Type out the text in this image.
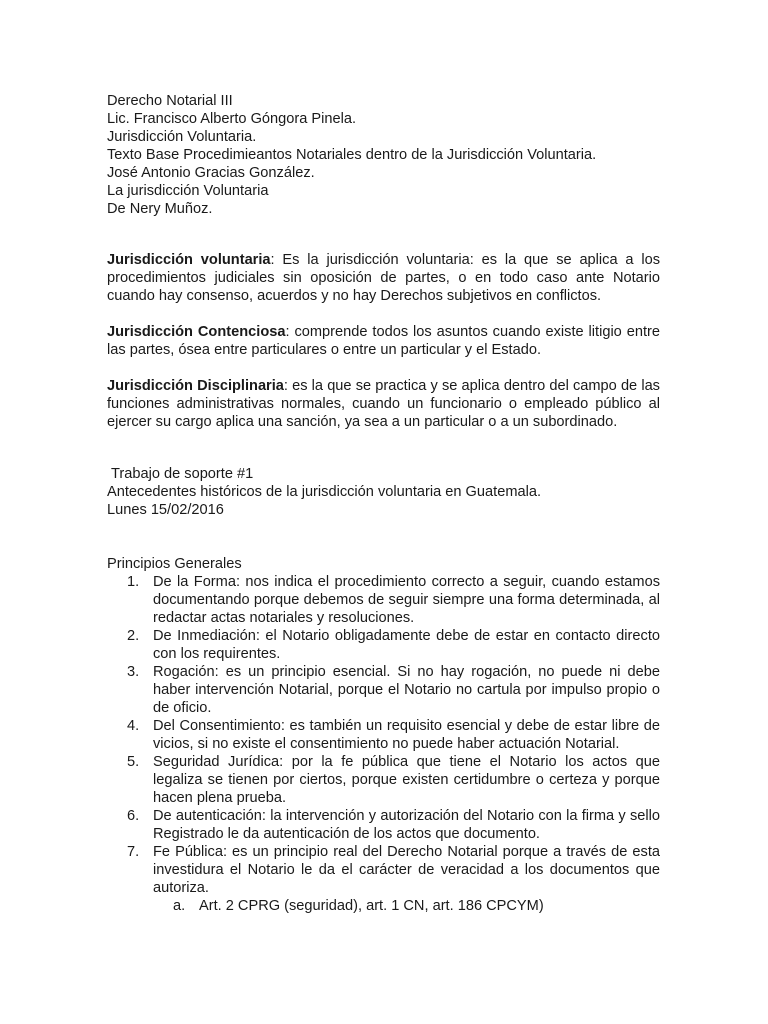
Derecho Notarial III

Lic. Francisco Alberto Góngora Pinela.

Jurisdicción Voluntaria.

Texto Base Procedimieantos Notariales dentro de la Jurisdicción Voluntaria.

José Antonio Gracias González.

La jurisdicción Voluntaria

De Nery Muñoz.

Jurisdicción voluntaria: Es la jurisdicción voluntaria: es la que se aplica a los procedimientos judiciales sin oposición de partes, o en todo caso ante Notario cuando hay consenso, acuerdos y no hay Derechos subjetivos en conflictos.

Jurisdicción Contenciosa: comprende todos los asuntos cuando existe litigio entre las partes, ósea entre particulares o entre un particular y el Estado.

Jurisdicción Disciplinaria: es la que se practica y se aplica dentro del campo de las funciones administrativas normales, cuando un funcionario o empleado público al ejercer su cargo aplica una sanción, ya sea a un particular o a un subordinado.

Trabajo de soporte #1

Antecedentes históricos de la jurisdicción voluntaria en Guatemala.

Lunes 15/02/2016

Principios Generales

1. De la Forma: nos indica el procedimiento correcto a seguir, cuando estamos documentando porque debemos de seguir siempre una forma determinada, al redactar actas notariales y resoluciones.
2. De Inmediación: el Notario obligadamente debe de estar en contacto directo con los requirentes.
3. Rogación: es un principio esencial. Si no hay rogación, no puede ni debe haber intervención Notarial, porque el Notario no cartula por impulso propio o de oficio.
4. Del Consentimiento: es también un requisito esencial y debe de estar libre de vicios, si no existe el consentimiento no puede haber actuación Notarial.
5. Seguridad Jurídica: por la fe pública que tiene el Notario los actos que legaliza se tienen por ciertos, porque existen certidumbre o certeza y porque hacen plena prueba.
6. De autenticación: la intervención y autorización del Notario con la firma y sello Registrado le da autenticación de los actos que documento.
7. Fe Pública: es un principio real del Derecho Notarial porque a través de esta investidura el Notario le da el carácter de veracidad a los documentos que autoriza.
a. Art. 2 CPRG (seguridad), art. 1 CN, art. 186 CPCYM)
